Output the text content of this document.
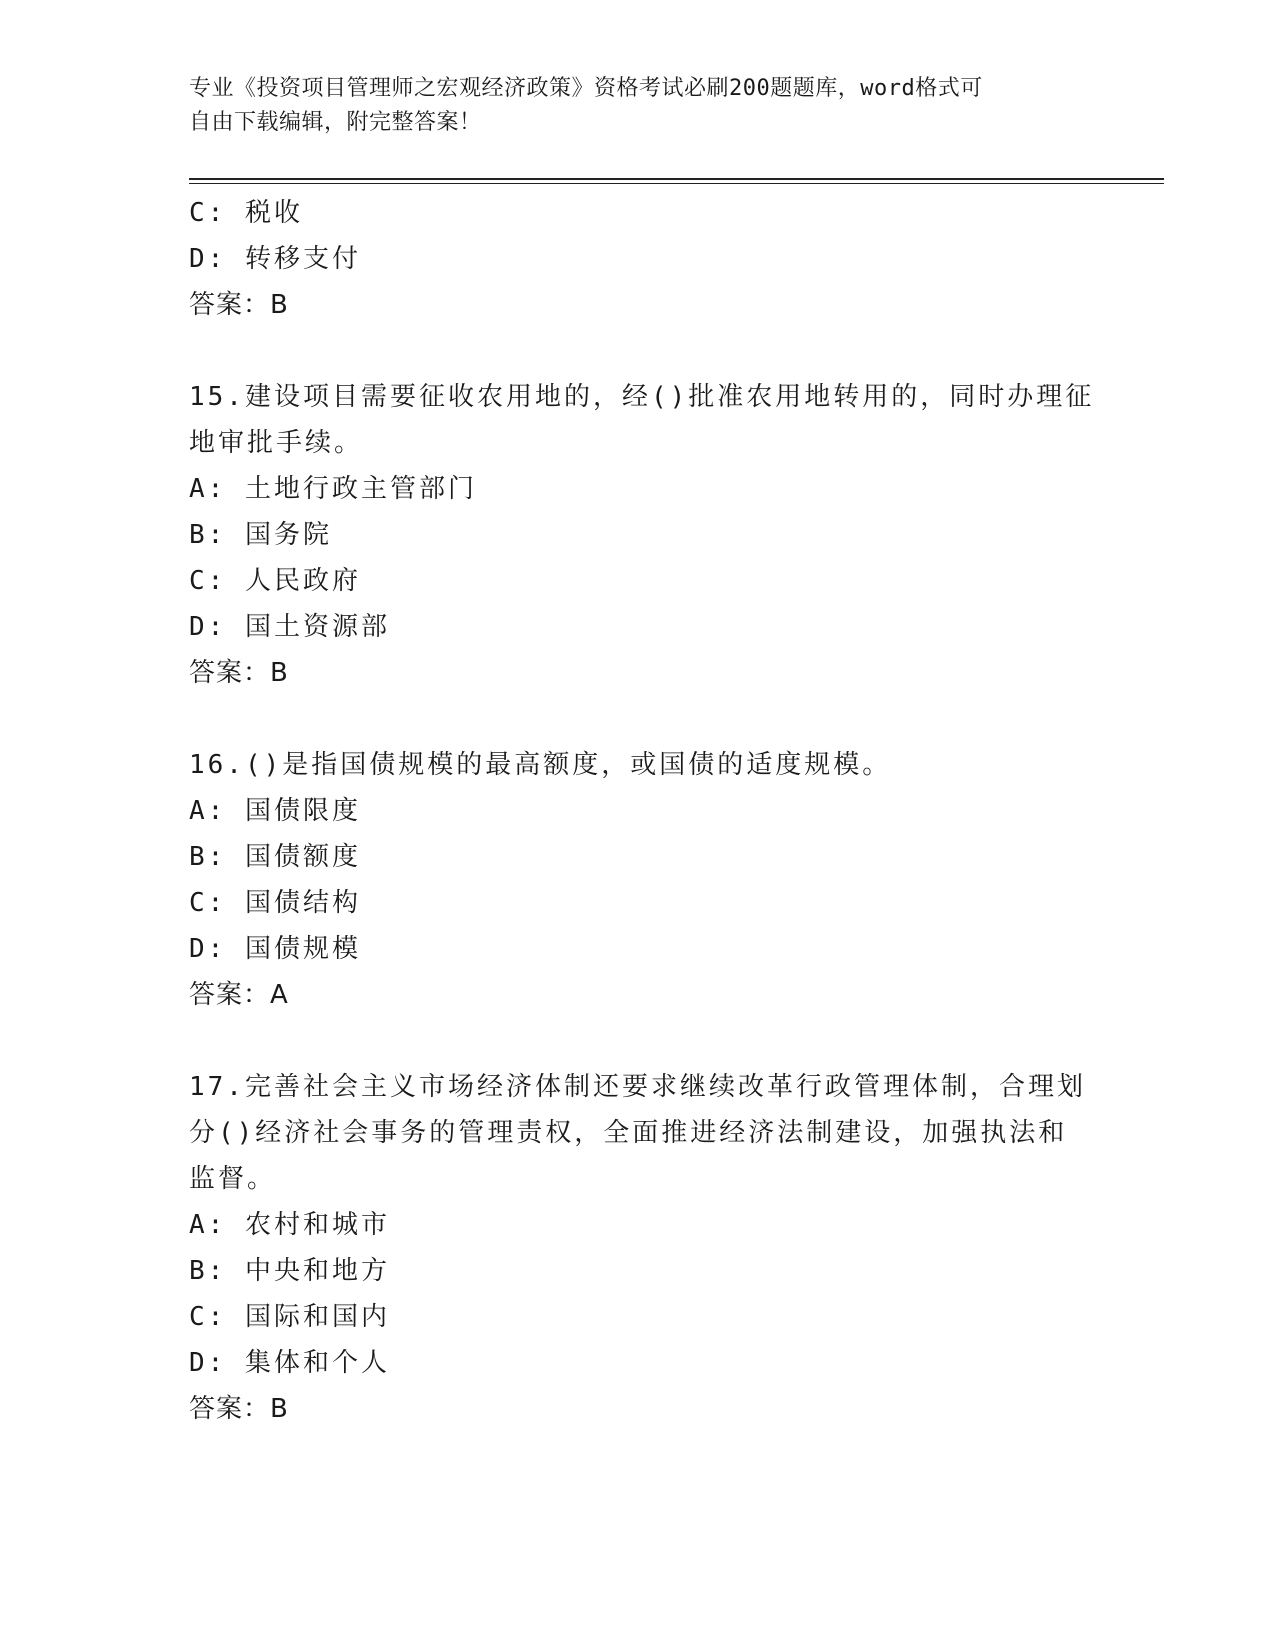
专业《投资项目管理师之宏观经济政策》资格考试必刷200题题库，word格式可
自由下载编辑，附完整答案！
C: 税收
D: 转移支付
答案：B
15.建设项目需要征收农用地的，经()批准农用地转用的，同时办理征
地审批手续。
A: 土地行政主管部门
B: 国务院
C: 人民政府
D: 国土资源部
答案：B
16.()是指国债规模的最高额度，或国债的适度规模。
A: 国债限度
B: 国债额度
C: 国债结构
D: 国债规模
答案：A
17.完善社会主义市场经济体制还要求继续改革行政管理体制，合理划
分()经济社会事务的管理责权，全面推进经济法制建设，加强执法和
监督。
A: 农村和城市
B: 中央和地方
C: 国际和国内
D: 集体和个人
答案：B
